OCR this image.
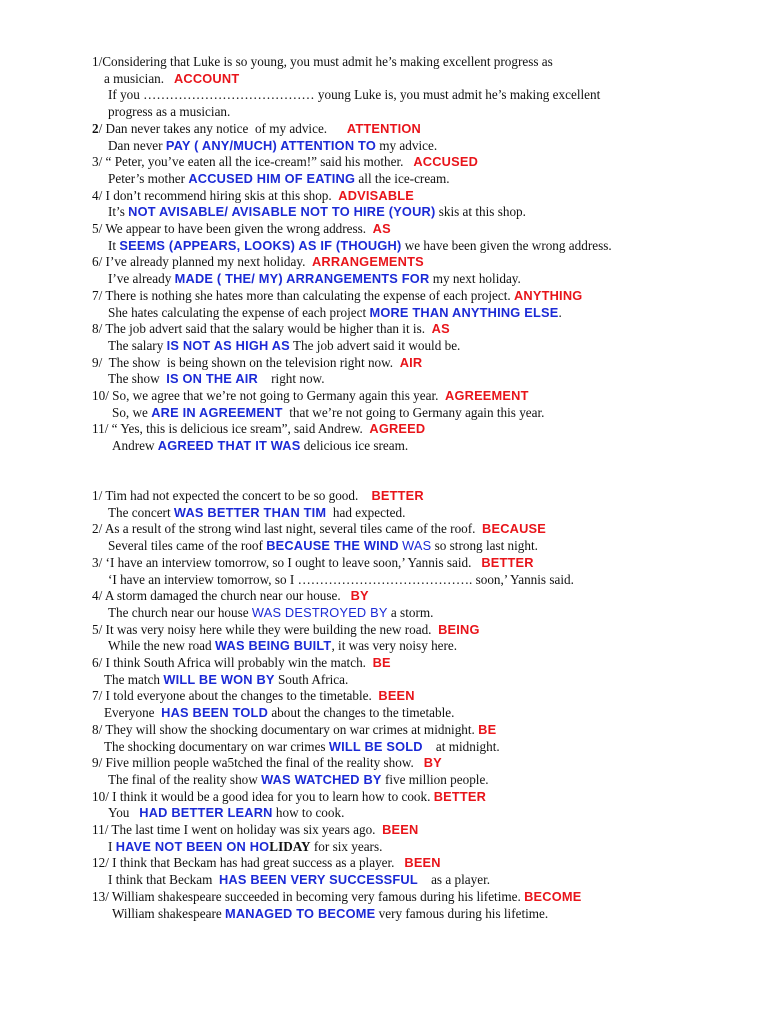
1/Considering that Luke is so young, you must admit he’s making excellent progress as
a musician.   ACCOUNT
If you ………………………………… young Luke is, you must admit he’s making excellent
progress as a musician.
2/ Dan never takes any notice  of my advice.      ATTENTION
Dan never PAY ( ANY/MUCH) ATTENTION TO my advice.
3/ “ Peter, you’ve eaten all the ice-cream!” said his mother.   ACCUSED
Peter’s mother ACCUSED HIM OF EATING all the ice-cream.
4/ I don’t recommend hiring skis at this shop.  ADVISABLE
It’s NOT AVISABLE/ AVISABLE NOT TO HIRE (YOUR) skis at this shop.
5/ We appear to have been given the wrong address.  AS
It SEEMS (APPEARS, LOOKS) AS IF (THOUGH) we have been given the wrong address.
6/ I’ve already planned my next holiday.  ARRANGEMENTS
I’ve already MADE ( THE/ MY) ARRANGEMENTS FOR my next holiday.
7/ There is nothing she hates more than calculating the expense of each project. ANYTHING
She hates calculating the expense of each project MORE THAN ANYTHING ELSE.
8/ The job advert said that the salary would be higher than it is.  AS
The salary IS NOT AS HIGH AS The job advert said it would be.
9/  The show  is being shown on the television right now.  AIR
The show  IS ON THE AIR    right now.
10/ So, we agree that we’re not going to Germany again this year.  AGREEMENT
So, we ARE IN AGREEMENT  that we’re not going to Germany again this year.
11/ “ Yes, this is delicious ice sream”, said Andrew.  AGREED
Andrew AGREED THAT IT WAS delicious ice sream.
1/ Tim had not expected the concert to be so good.    BETTER
The concert WAS BETTER THAN TIM  had expected.
2/ As a result of the strong wind last night, several tiles came of the roof.  BECAUSE
Several tiles came of the roof BECAUSE THE WIND WAS so strong last night.
3/ ‘I have an interview tomorrow, so I ought to leave soon,’ Yannis said.   BETTER
‘I have an interview tomorrow, so I …………………………………. soon,’ Yannis said.
4/ A storm damaged the church near our house.   BY
The church near our house WAS DESTROYED BY a storm.
5/ It was very noisy here while they were building the new road.  BEING
While the new road WAS BEING BUILT, it was very noisy here.
6/ I think South Africa will probably win the match.  BE
The match WILL BE WON BY South Africa.
7/ I told everyone about the changes to the timetable.  BEEN
Everyone  HAS BEEN TOLD about the changes to the timetable.
8/ They will show the shocking documentary on war crimes at midnight. BE
The shocking documentary on war crimes WILL BE SOLD    at midnight.
9/ Five million people wa5tched the final of the reality show.   BY
The final of the reality show WAS WATCHED BY five million people.
10/ I think it would be a good idea for you to learn how to cook. BETTER
You   HAD BETTER LEARN how to cook.
11/ The last time I went on holiday was six years ago.  BEEN
I HAVE NOT BEEN ON HOLIDAY for six years.
12/ I think that Beckam has had great success as a player.   BEEN
I think that Beckam  HAS BEEN VERY SUCCESSFUL    as a player.
13/ William shakespeare succeeded in becoming very famous during his lifetime. BECOME
William shakespeare MANAGED TO BECOME very famous during his lifetime.
